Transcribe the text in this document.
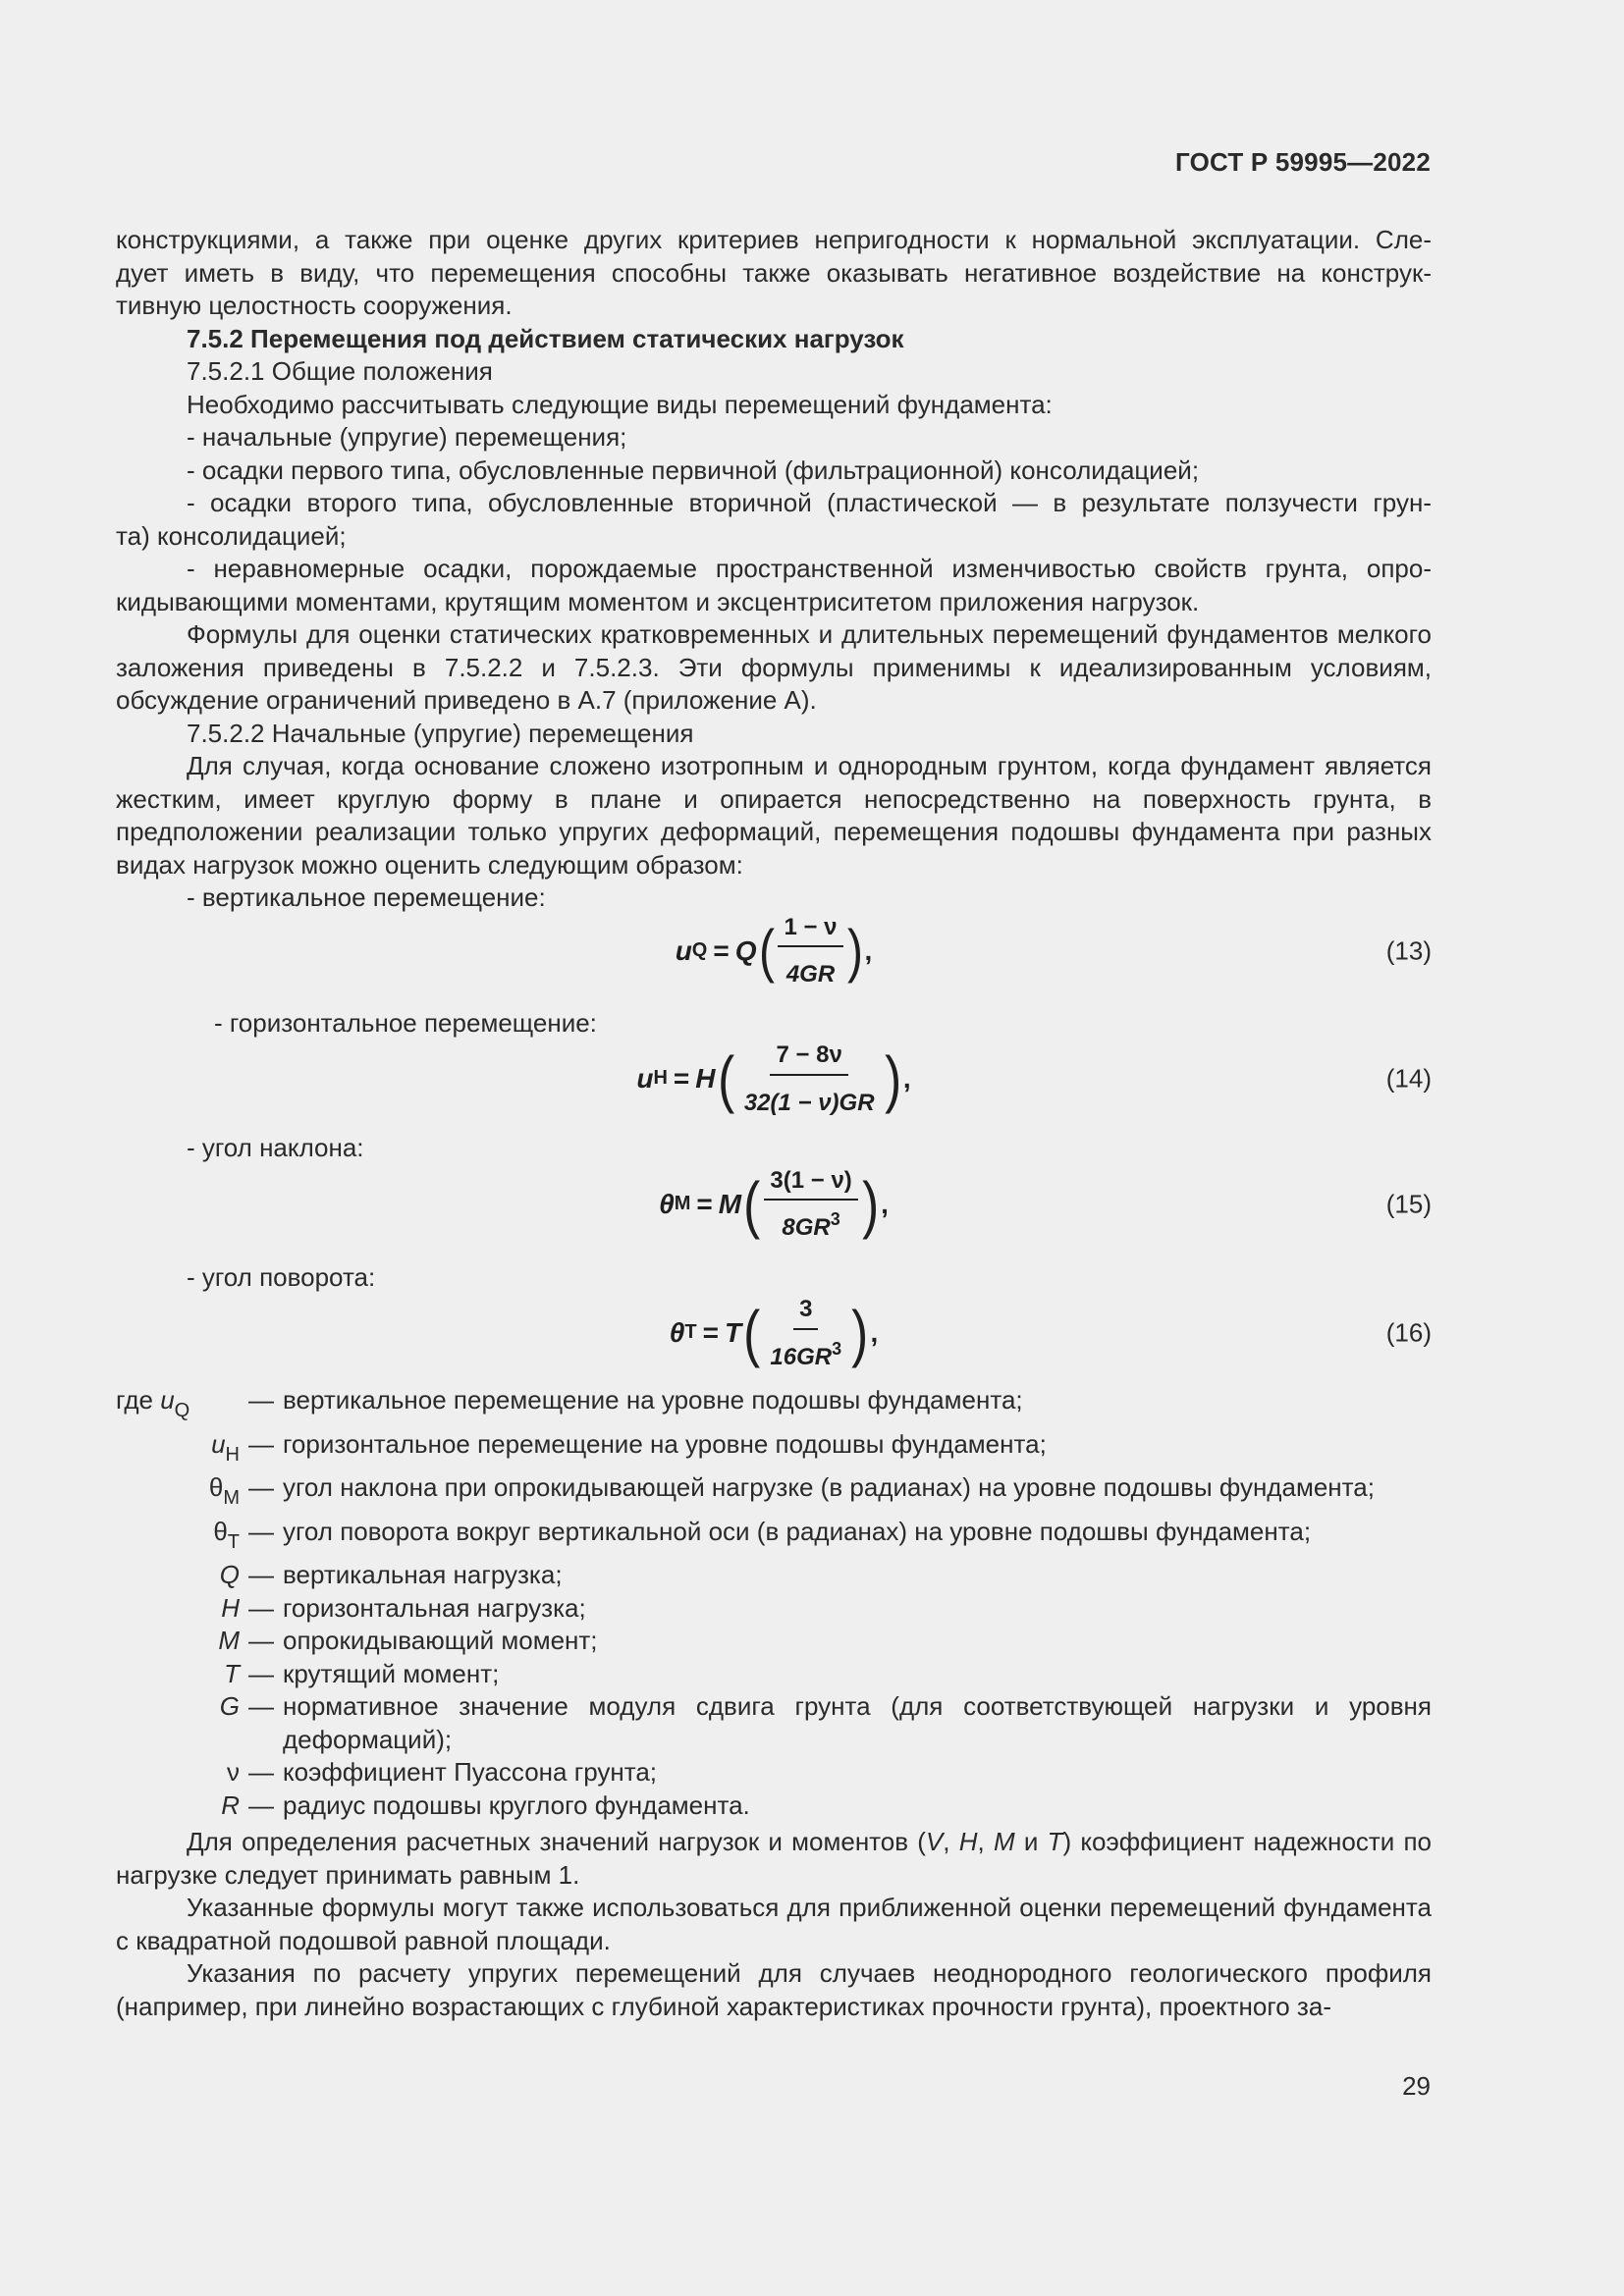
ГОСТ Р 59995—2022

конструкциями, а также при оценке других критериев непригодности к нормальной эксплуатации. Сле-

дует иметь в виду, что перемещения способны также оказывать негативное воздействие на конструк-

тивную целостность сооружения.

7.5.2 Перемещения под действием статических нагрузок

7.5.2.1 Общие положения

Необходимо рассчитывать следующие виды перемещений фундамента:

- начальные (упругие) перемещения;

- осадки первого типа, обусловленные первичной (фильтрационной) консолидацией;

- осадки второго типа, обусловленные вторичной (пластической — в результате ползучести грун-

та) консолидацией;

- неравномерные осадки, порождаемые пространственной изменчивостью свойств грунта, опро-

кидывающими моментами, крутящим моментом и эксцентриситетом приложения нагрузок.

Формулы для оценки статических кратковременных и длительных перемещений фундаментов мелкого заложения приведены в 7.5.2.2 и 7.5.2.3. Эти формулы применимы к идеализированным условиям, обсуждение ограничений приведено в А.7 (приложение А).

7.5.2.2 Начальные (упругие) перемещения

Для случая, когда основание сложено изотропным и однородным грунтом, когда фундамент является жестким, имеет круглую форму в плане и опирается непосредственно на поверхность грунта, в предположении реализации только упругих деформаций, перемещения подошвы фундамента при разных видах нагрузок можно оценить следующим образом:

- вертикальное перемещение:

u Q = Q ( $\frac{1 - \nu}{4GR}$ ) ,	(13)

- горизонтальное перемещение:

u H = H ( $\frac{7 - 8\nu}{32(1 - \nu)GR}$ ) ,	(14)

- угол наклона:

θ M = M ( $\frac{3(1 - \nu)}{8GR^3}$ ) ,	(15)

- угол поворота:

θ T = T ( $\frac{3}{16GR^3}$ ) ,	(16)
где $u_Q$	— вертикальное перемещение на уровне подошвы фундамента;
$u_H$ — горизонтальное перемещение на уровне подошвы фундамента;
$\theta_M$ — угол наклона при опрокидывающей нагрузке (в радианах) на уровне подошвы фундамента;
$\theta_T$ — угол поворота вокруг вертикальной оси (в радианах) на уровне подошвы фундамента;
Q — вертикальная нагрузка;
H — горизонтальная нагрузка;
M — опрокидывающий момент;
T — крутящий момент;
G — нормативное значение модуля сдвига грунта (для соответствующей нагрузки и уровня деформаций);
ν — коэффициент Пуассона грунта;
R — радиус подошвы круглого фундамента.

Для определения расчетных значений нагрузок и моментов (V, H, M и T) коэффициент надежности по нагрузке следует принимать равным 1.

Указанные формулы могут также использоваться для приближенной оценки перемещений фундамента с квадратной подошвой равной площади.

Указания по расчету упругих перемещений для случаев неоднородного геологического профиля (например, при линейно возрастающих с глубиной характеристиках прочности грунта), проектного за-

29
